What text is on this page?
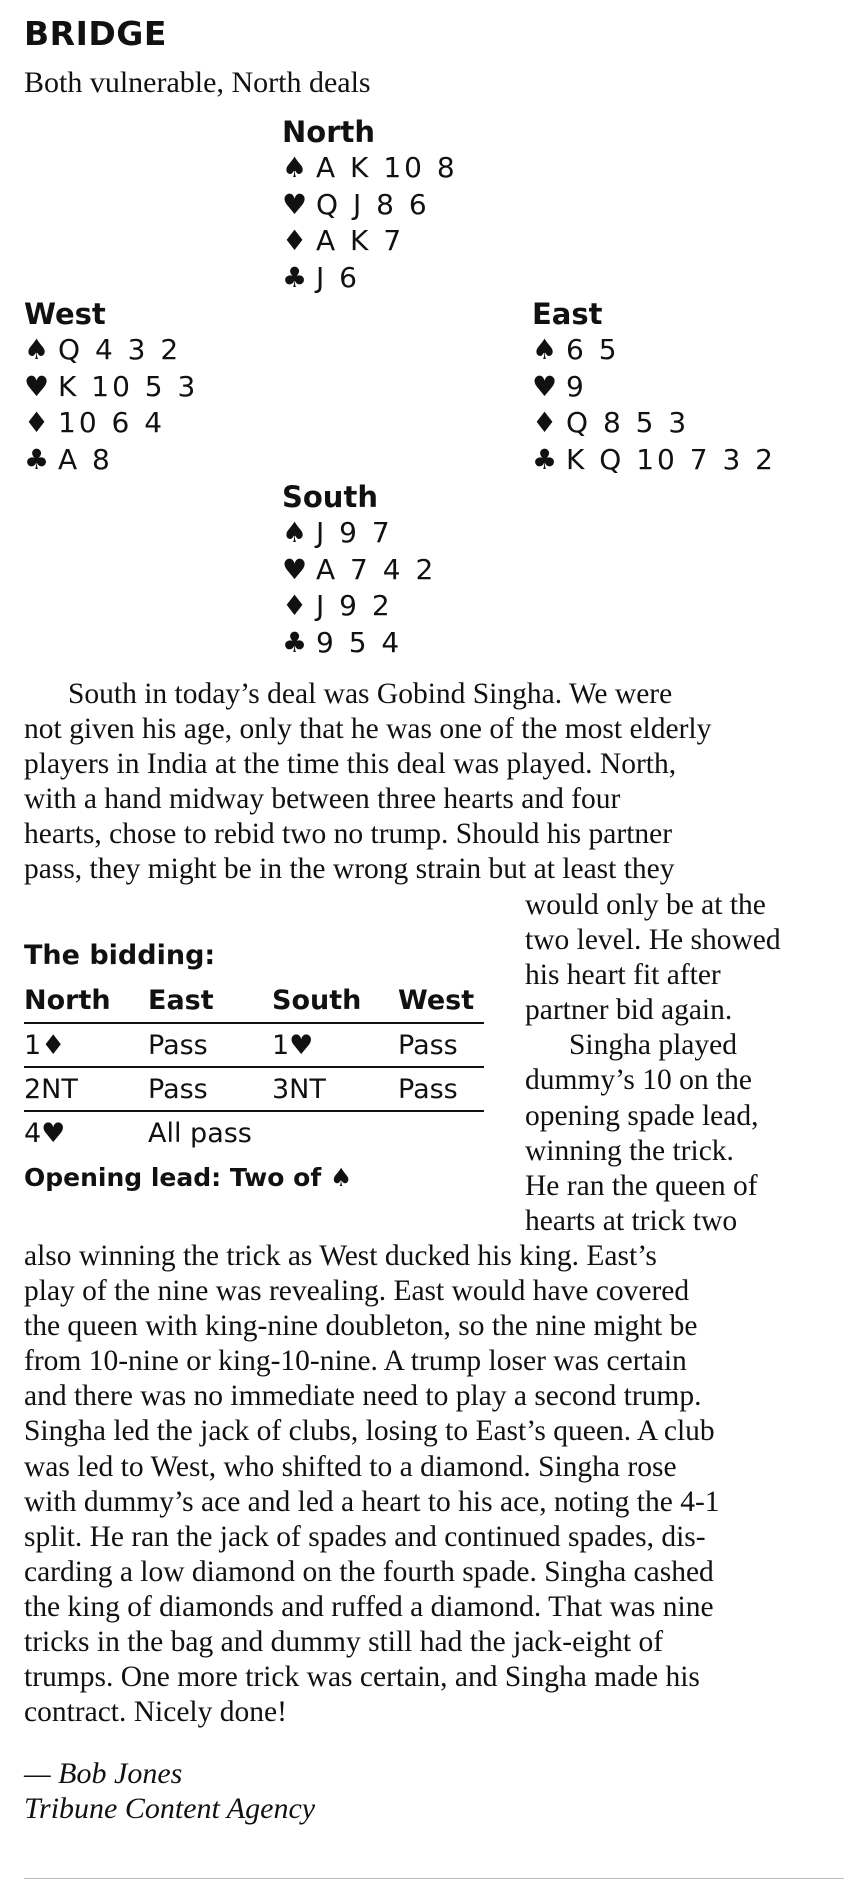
BRIDGE
Both vulnerable, North deals
North
♠ A K 10 8
♥ Q J 8 6
♦ A K 7
♣ J 6
West
♠ Q 4 3 2
♥ K 10 5 3
♦ 10 6 4
♣ A 8
East
♠ 6 5
♥ 9
♦ Q 8 5 3
♣ K Q 10 7 3 2
South
♠ J 9 7
♥ A 7 4 2
♦ J 9 2
♣ 9 5 4

South in today’s deal was Gobind Singha. We were
not given his age, only that he was one of the most elderly
players in India at the time this deal was played. North,
with a hand midway between three hearts and four
hearts, chose to rebid two no trump. Should his partner
pass, they might be in the wrong strain but at least they

would only be at the
two level. He showed
his heart fit after
partner bid again.
Singha played
dummy’s 10 on the
opening spade lead,
winning the trick.
He ran the queen of
hearts at trick two

The bidding:
North	East	South	West
1♦	Pass	1♥	Pass
2NT	Pass	3NT	Pass
4♥	All pass		
Opening lead: Two of ♠

also winning the trick as West ducked his king. East’s
play of the nine was revealing. East would have covered
the queen with king-nine doubleton, so the nine might be
from 10-nine or king-10-nine. A trump loser was certain
and there was no immediate need to play a second trump.
Singha led the jack of clubs, losing to East’s queen. A club
was led to West, who shifted to a diamond. Singha rose
with dummy’s ace and led a heart to his ace, noting the 4-1
split. He ran the jack of spades and continued spades, dis-
carding a low diamond on the fourth spade. Singha cashed
the king of diamonds and ruffed a diamond. That was nine
tricks in the bag and dummy still had the jack-eight of
trumps. One more trick was certain, and Singha made his
contract. Nicely done!

— Bob Jones
Tribune Content Agency
